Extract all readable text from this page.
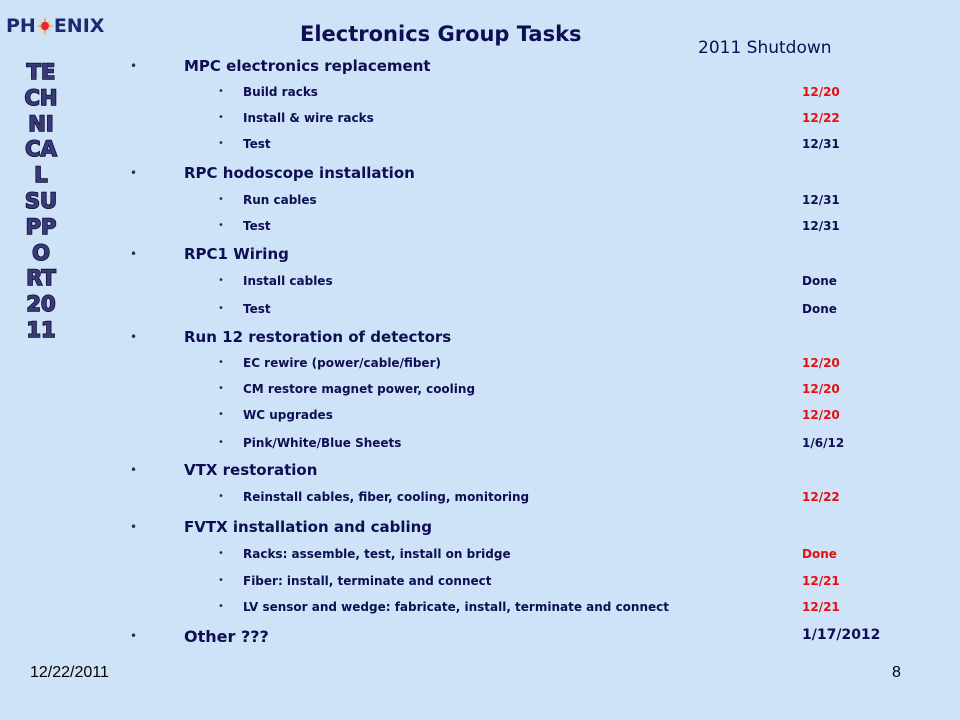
PH ENIX
TECHNICAL SUPPORT 2011
Electronics Group Tasks
2011 Shutdown
•	MPC electronics replacement
• Build racks	12/20
• Install & wire racks	12/22
• Test	12/31
•	RPC hodoscope installation
• Run cables	12/31
• Test	12/31
•	RPC1 Wiring
• Install cables	Done
• Test	Done
•	Run 12 restoration of detectors
• EC rewire (power/cable/fiber)	12/20
• CM restore magnet power, cooling	12/20
• WC upgrades	12/20
• Pink/White/Blue Sheets	1/6/12
•	VTX restoration
• Reinstall cables, fiber, cooling, monitoring	12/22
•	FVTX installation and cabling
• Racks: assemble, test, install on bridge	Done
• Fiber: install, terminate and connect	12/21
• LV sensor and wedge: fabricate, install, terminate and connect	12/21
•	Other ???	1/17/2012
12/22/2011	8
